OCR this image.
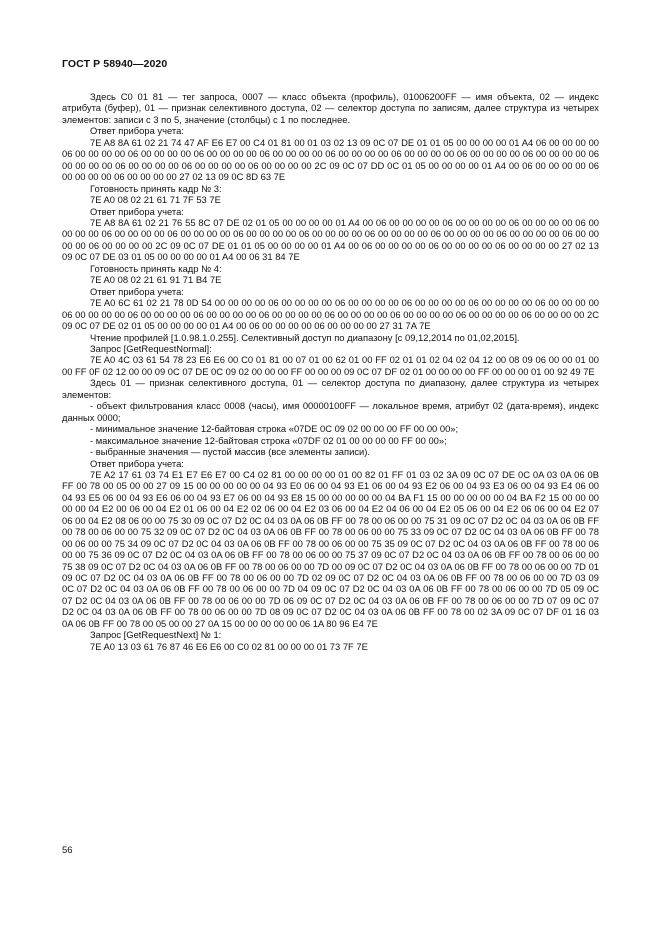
ГОСТ Р 58940—2020

Здесь С0 01 81 — тег запроса, 0007 — класс объекта (профиль), 01006200FF — имя объекта, 02 — индекс атрибута (буфер), 01 — признак селективного доступа, 02 — селектор доступа по записям, далее структура из четырех элементов: записи с 3 по 5, значение (столбцы) с 1 по последнее.

Ответ прибора учета:

7E A8 8A 61 02 21 74 47 AF E6 E7 00 C4 01 81 00 01 03 02 13 09 0C 07 DE 01 01 05 00 00 00 00 01 A4 06 00 00 00 00 06 00 00 00 00 06 00 00 00 00 06 00 00 00 00 06 00 00 00 00 06 00 00 00 00 06 00 00 00 00 06 00 00 00 00 06 00 00 00 00 06 00 00 00 00 06 00 00 00 00 06 00 00 00 00 06 00 00 00 00 2C 09 0C 07 DD 0C 01 05 00 00 00 00 01 A4 00 06 00 00 00 00 06 00 00 00 00 06 00 00 00 00 27 02 13 09 0C 8D 63 7E

Готовность принять кадр № 3:

7E A0 08 02 21 61 71 7F 53 7E

Ответ прибора учета:

7E A8 8A 61 02 21 76 55 8C 07 DE 02 01 05 00 00 00 00 01 A4 00 06 00 00 00 00 06 00 00 00 00 06 00 00 00 00 06 00 00 00 00 06 00 00 00 00 06 00 00 00 00 06 00 00 00 00 06 00 00 00 00 06 00 00 00 00 06 00 00 00 00 06 00 00 00 00 06 00 00 00 00 06 00 00 00 00 2C 09 0C 07 DE 01 01 05 00 00 00 00 01 A4 00 06 00 00 00 00 06 00 00 00 00 06 00 00 00 00 27 02 13 09 0C 07 DE 03 01 05 00 00 00 00 01 A4 00 06 31 84 7E

Готовность принять кадр № 4:

7E A0 08 02 21 61 91 71 B4 7E

Ответ прибора учета:

7E A0 6C 61 02 21 78 0D 54 00 00 00 00 06 00 00 00 00 06 00 00 00 00 06 00 00 00 00 06 00 00 00 00 06 00 00 00 00 06 00 00 00 00 06 00 00 00 00 06 00 00 00 00 06 00 00 00 00 06 00 00 00 00 06 00 00 00 00 06 00 00 00 00 06 00 00 00 00 2C 09 0C 07 DE 02 01 05 00 00 00 00 01 A4 00 06 00 00 00 00 06 00 00 00 00 27 31 7A 7E

Чтение профилей [1.0.98.1.0.255]. Селективный доступ по диапазону [с 09,12,2014 по 01,02,2015].

Запрос [GetRequestNormal]:

7E A0 4C 03 61 54 78 23 E6 E6 00 C0 01 81 00 07 01 00 62 01 00 FF 02 01 01 02 04 02 04 12 00 08 09 06 00 00 01 00 00 FF 0F 02 12 00 00 09 0C 07 DE 0C 09 02 00 00 00 FF 00 00 00 09 0C 07 DF 02 01 00 00 00 00 FF 00 00 00 01 00 92 49 7E

Здесь 01 — признак селективного доступа, 01 — селектор доступа по диапазону, далее структура из четырех элементов:

- объект фильтрования класс 0008 (часы), имя 00000100FF — локальное время, атрибут 02 (дата-время), индекс данных 0000;

- минимальное значение 12-байтовая строка «07DE 0C 09 02 00 00 00 FF 00 00 00»;

- максимальное значение 12-байтовая строка «07DF 02 01 00 00 00 00 FF 00 00»;

- выбранные значения — пустой массив (все элементы записи).

Ответ прибора учета:

7E A2 17 61 03 74 E1 E7 E6 E7 00 C4 02 81 00 00 00 00 01 00 82 01 FF 01 03 02 3A 09 0C 07 DE 0C 0A 03 0A 06 0B FF 00 78 00 05 00 00 27 09 15 00 00 00 00 00 04 93 E0 06 00 04 93 E1 06 00 04 93 E2 06 00 04 93 E3 06 00 04 93 E4 06 00 04 93 E5 06 00 04 93 E6 06 00 04 93 E7 06 00 04 93 E8 15 00 00 00 00 00 04 BA F1 15 00 00 00 00 00 04 BA F2 15 00 00 00 00 00 04 E2 00 06 00 04 E2 01 06 00 04 E2 02 06 00 04 E2 03 06 00 04 E2 04 06 00 04 E2 05 06 00 04 E2 06 06 00 04 E2 07 06 00 04 E2 08 06 00 00 75 30 09 0C 07 D2 0C 04 03 0A 06 0B FF 00 78 00 06 00 00 75 31 09 0C 07 D2 0C 04 03 0A 06 0B FF 00 78 00 06 00 00 75 32 09 0C 07 D2 0C 04 03 0A 06 0B FF 00 78 00 06 00 00 75 33 09 0C 07 D2 0C 04 03 0A 06 0B FF 00 78 00 06 00 00 75 34 09 0C 07 D2 0C 04 03 0A 06 0B FF 00 78 00 06 00 00 75 35 09 0C 07 D2 0C 04 03 0A 06 0B FF 00 78 00 06 00 00 75 36 09 0C 07 D2 0C 04 03 0A 06 0B FF 00 78 00 06 00 00 75 37 09 0C 07 D2 0C 04 03 0A 06 0B FF 00 78 00 06 00 00 75 38 09 0C 07 D2 0C 04 03 0A 06 0B FF 00 78 00 06 00 00 7D 00 09 0C 07 D2 0C 04 03 0A 06 0B FF 00 78 00 06 00 00 7D 01 09 0C 07 D2 0C 04 03 0A 06 0B FF 00 78 00 06 00 00 7D 02 09 0C 07 D2 0C 04 03 0A 06 0B FF 00 78 00 06 00 00 7D 03 09 0C 07 D2 0C 04 03 0A 06 0B FF 00 78 00 06 00 00 7D 04 09 0C 07 D2 0C 04 03 0A 06 0B FF 00 78 00 06 00 00 7D 05 09 0C 07 D2 0C 04 03 0A 06 0B FF 00 78 00 06 00 00 7D 06 09 0C 07 D2 0C 04 03 0A 06 0B FF 00 78 00 06 00 00 7D 07 09 0C 07 D2 0C 04 03 0A 06 0B FF 00 78 00 06 00 00 7D 08 09 0C 07 D2 0C 04 03 0A 06 0B FF 00 78 00 02 3A 09 0C 07 DF 01 16 03 0A 06 0B FF 00 78 00 05 00 00 27 0A 15 00 00 00 00 00 06 1A 80 96 E4 7E

Запрос [GetRequestNext] № 1:

7E A0 13 03 61 76 87 46 E6 E6 00 C0 02 81 00 00 00 01 73 7F 7E

56
